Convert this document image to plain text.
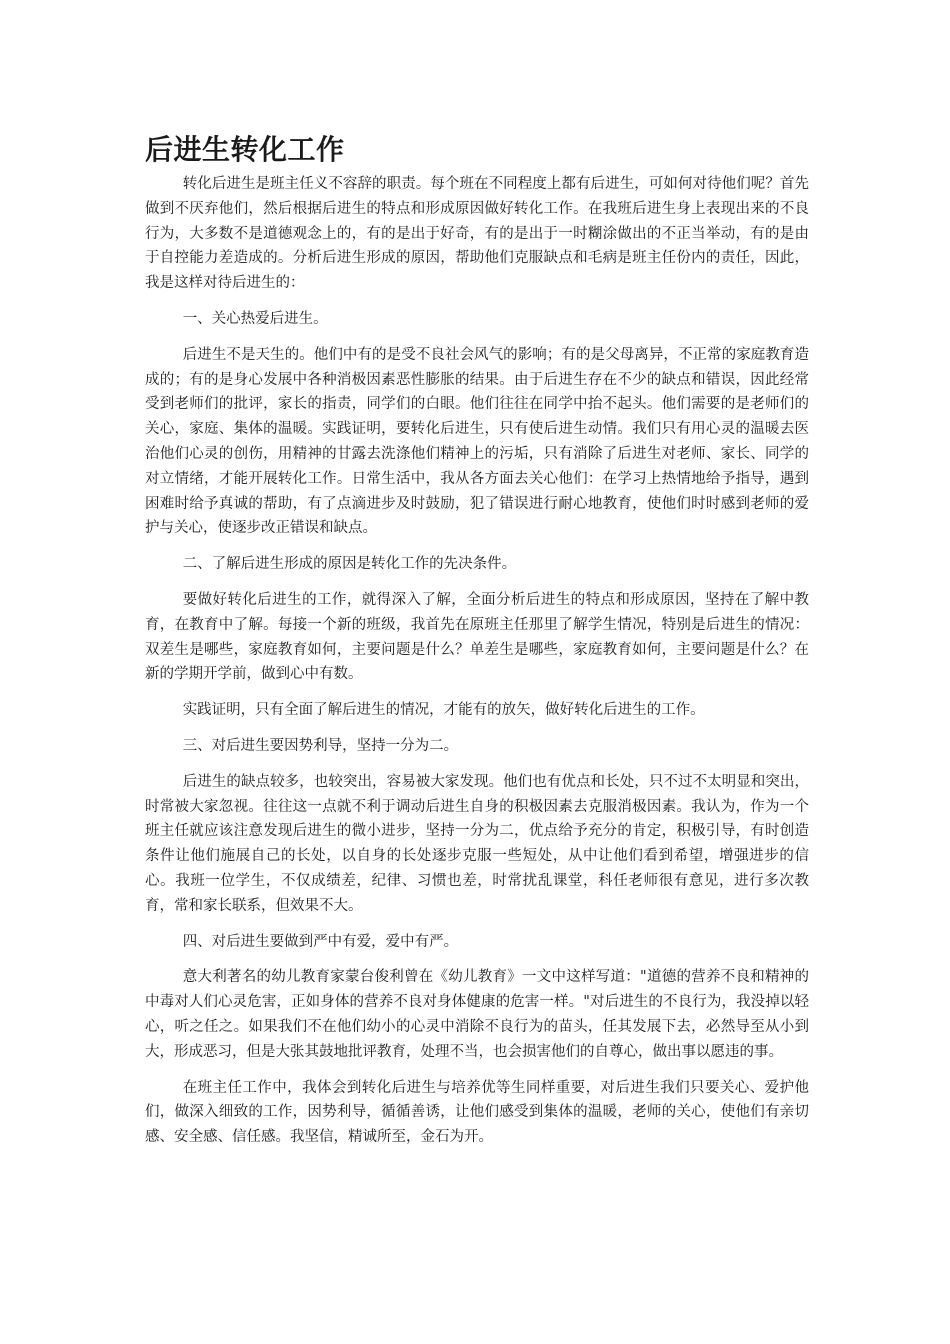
后进生转化工作

转化后进生是班主任义不容辞的职责。每个班在不同程度上都有后进生，可如何对待他们呢？首先做到不厌弃他们，然后根据后进生的特点和形成原因做好转化工作。在我班后进生身上表现出来的不良行为，大多数不是道德观念上的，有的是出于好奇，有的是出于一时糊涂做出的不正当举动，有的是由于自控能力差造成的。分析后进生形成的原因，帮助他们克服缺点和毛病是班主任份内的责任，因此，我是这样对待后进生的：

一、关心热爱后进生。

后进生不是天生的。他们中有的是受不良社会风气的影响；有的是父母离异，不正常的家庭教育造成的；有的是身心发展中各种消极因素恶性膨胀的结果。由于后进生存在不少的缺点和错误，因此经常受到老师们的批评，家长的指责，同学们的白眼。他们往往在同学中抬不起头。他们需要的是老师们的关心，家庭、集体的温暖。实践证明，要转化后进生，只有使后进生动情。我们只有用心灵的温暖去医治他们心灵的创伤，用精神的甘露去洗涤他们精神上的污垢，只有消除了后进生对老师、家长、同学的对立情绪，才能开展转化工作。日常生活中，我从各方面去关心他们：在学习上热情地给予指导，遇到困难时给予真诚的帮助，有了点滴进步及时鼓励，犯了错误进行耐心地教育，使他们时时感到老师的爱护与关心，使逐步改正错误和缺点。

二、了解后进生形成的原因是转化工作的先决条件。

要做好转化后进生的工作，就得深入了解，全面分析后进生的特点和形成原因，坚持在了解中教育，在教育中了解。每接一个新的班级，我首先在原班主任那里了解学生情况，特别是后进生的情况：双差生是哪些，家庭教育如何，主要问题是什么？单差生是哪些，家庭教育如何，主要问题是什么？在新的学期开学前，做到心中有数。

实践证明，只有全面了解后进生的情况，才能有的放矢，做好转化后进生的工作。

三、对后进生要因势利导，坚持一分为二。

后进生的缺点较多，也较突出，容易被大家发现。他们也有优点和长处，只不过不太明显和突出，时常被大家忽视。往往这一点就不利于调动后进生自身的积极因素去克服消极因素。我认为，作为一个班主任就应该注意发现后进生的微小进步，坚持一分为二，优点给予充分的肯定，积极引导，有时创造条件让他们施展自己的长处，以自身的长处逐步克服一些短处，从中让他们看到希望，增强进步的信心。我班一位学生，不仅成绩差，纪律、习惯也差，时常扰乱课堂，科任老师很有意见，进行多次教育，常和家长联系，但效果不大。

四、对后进生要做到严中有爱，爱中有严。

意大利著名的幼儿教育家蒙台俊利曾在《幼儿教育》一文中这样写道："道德的营养不良和精神的中毒对人们心灵危害，正如身体的营养不良对身体健康的危害一样。"对后进生的不良行为，我没掉以轻心，听之任之。如果我们不在他们幼小的心灵中消除不良行为的苗头，任其发展下去，必然导至从小到大，形成恶习，但是大张其鼓地批评教育，处理不当，也会损害他们的自尊心，做出事以愿违的事。

在班主任工作中，我体会到转化后进生与培养优等生同样重要，对后进生我们只要关心、爱护他们，做深入细致的工作，因势利导，循循善诱，让他们感受到集体的温暖，老师的关心，使他们有亲切感、安全感、信任感。我坚信，精诚所至，金石为开。
